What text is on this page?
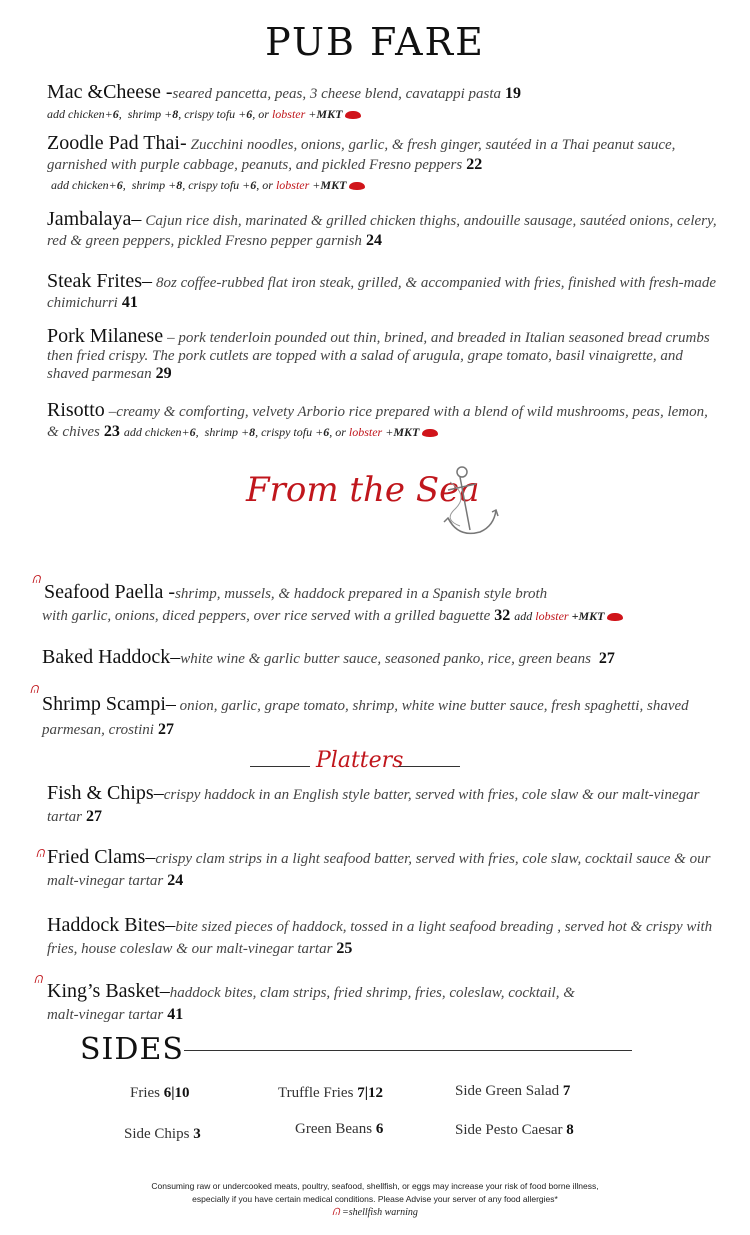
PUB FARE
Mac &Cheese -seared pancetta, peas, 3 cheese blend, cavatappi pasta 19
add chicken+6,  shrimp +8, crispy tofu +6, or lobster +MKT
Zoodle Pad Thai- Zucchini noodles, onions, garlic, & fresh ginger, sautéed in a Thai peanut sauce, garnished with purple cabbage, peanuts, and pickled Fresno peppers 22
add chicken+6,  shrimp +8, crispy tofu +6, or lobster +MKT
Jambalaya– Cajun rice dish, marinated & grilled chicken thighs, andouille sausage, sautéed onions, celery, red & green peppers, pickled Fresno pepper garnish 24
Steak Frites– 8oz coffee-rubbed flat iron steak, grilled, & accompanied with fries, finished with fresh-made chimichurri 41
Pork Milanese – pork tenderloin pounded out thin, brined, and breaded in Italian seasoned bread crumbs then fried crispy. The pork cutlets are topped with a salad of arugula, grape tomato, basil vinaigrette, and shaved parmesan 29
Risotto –creamy & comforting, velvety Arborio rice prepared with a blend of wild mushrooms, peas, lemon, & chives 23 add chicken+6,  shrimp +8, crispy tofu +6, or lobster +MKT
From the Sea
ᕬ
Seafood Paella -shrimp, mussels, & haddock prepared in a Spanish style broth
with garlic, onions, diced peppers, over rice served with a grilled baguette 32 add lobster +MKT
Baked Haddock–white wine & garlic butter sauce, seasoned panko, rice, green beans 27
ᕬ
Shrimp Scampi– onion, garlic, grape tomato, shrimp, white wine butter sauce, fresh spaghetti, shaved parmesan, crostini 27
Platters
Fish & Chips–crispy haddock in an English style batter, served with fries, cole slaw & our malt-vinegar tartar 27
ᕬ Fried Clams–crispy clam strips in a light seafood batter, served with fries, cole slaw, cocktail sauce & our malt-vinegar tartar 24
Haddock Bites–bite sized pieces of haddock, tossed in a light seafood breading , served hot & crispy with fries, house coleslaw & our malt-vinegar tartar 25
ᕬ King’s Basket–haddock bites, clam strips, fried shrimp, fries, coleslaw, cocktail, & malt-vinegar tartar 41
SIDES
Fries 6|10	Truffle Fries 7|12	Side Green Salad 7
Side Chips 3	Green Beans 6	Side Pesto Caesar 8
Consuming raw or undercooked meats, poultry, seafood, shellfish, or eggs may increase your risk of food borne illness,
especially if you have certain medical conditions. Please Advise your server of any food allergies*
ᕬ =shellfish warning
